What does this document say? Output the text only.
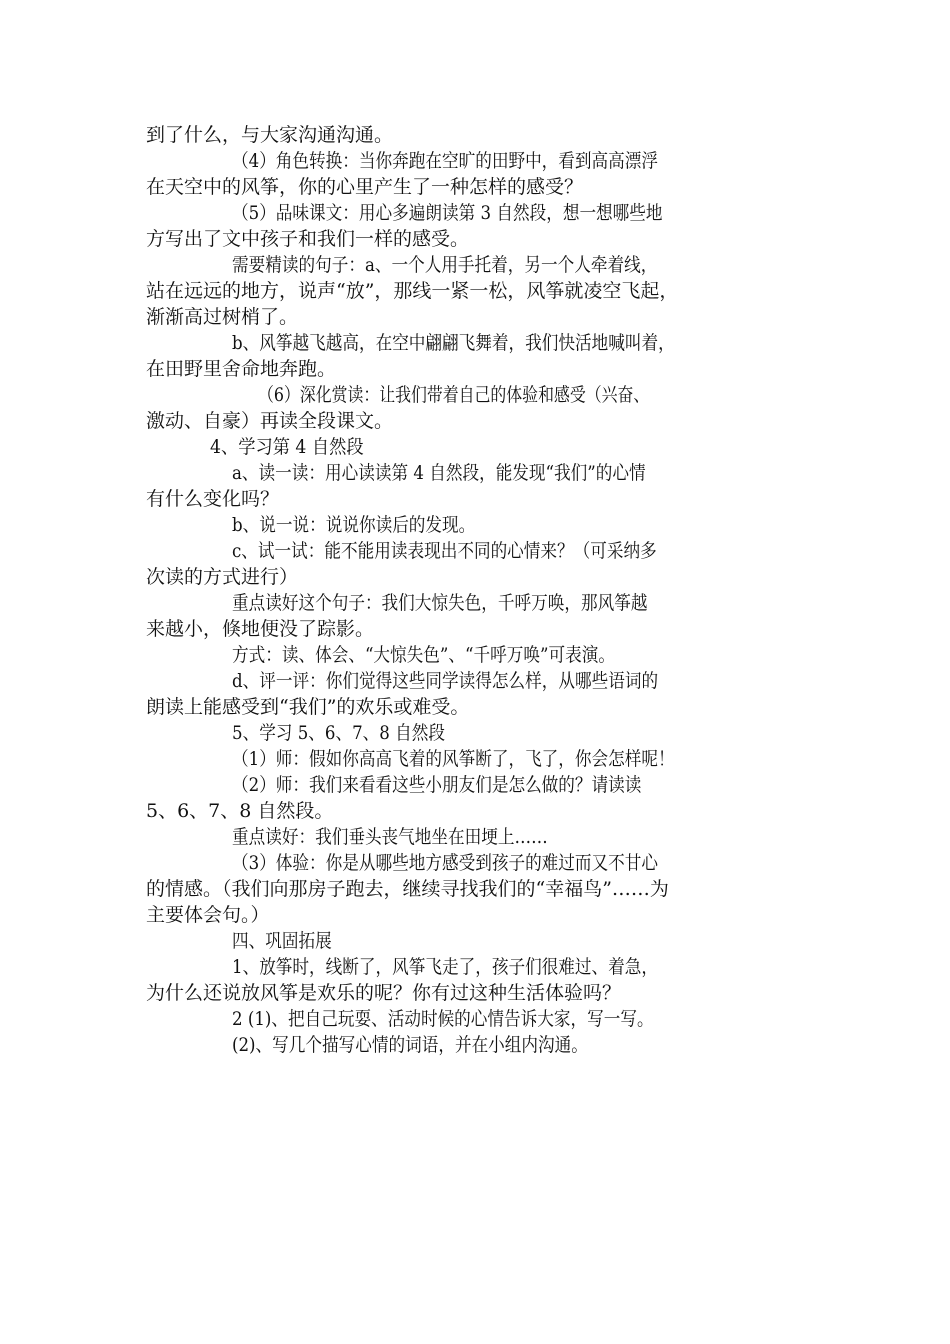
到了什么，与大家沟通沟通。
（4）角色转换：当你奔跑在空旷的田野中，看到高高漂浮
在天空中的风筝，你的心里产生了一种怎样的感受？
（5）品味课文：用心多遍朗读第 3 自然段，想一想哪些地
方写出了文中孩子和我们一样的感受。
需要精读的句子：a、一个人用手托着，另一个人牵着线，
站在远远的地方，说声“放”，那线一紧一松，风筝就凌空飞起，
渐渐高过树梢了。
b、风筝越飞越高，在空中翩翩飞舞着，我们快活地喊叫着，
在田野里舍命地奔跑。
（6）深化赏读：让我们带着自己的体验和感受（兴奋、
激动、自豪）再读全段课文。
4、学习第 4 自然段
a、读一读：用心读读第 4 自然段，能发现“我们”的心情
有什么变化吗？
b、说一说：说说你读后的发现。
c、试一试：能不能用读表现出不同的心情来？（可采纳多
次读的方式进行）
重点读好这个句子：我们大惊失色，千呼万唤，那风筝越
来越小，倏地便没了踪影。
方式：读、体会、“大惊失色”、“千呼万唤”可表演。
d、评一评：你们觉得这些同学读得怎么样，从哪些语词的
朗读上能感受到“我们”的欢乐或难受。
5、学习 5、6、7、8 自然段
（1）师：假如你高高飞着的风筝断了，飞了，你会怎样呢！
（2）师：我们来看看这些小朋友们是怎么做的？请读读
5、6、7、8 自然段。
重点读好：我们垂头丧气地坐在田埂上……
（3）体验：你是从哪些地方感受到孩子的难过而又不甘心
的情感。（我们向那房子跑去，继续寻找我们的“幸福鸟”……为
主要体会句。）
四、巩固拓展
1、放筝时，线断了，风筝飞走了，孩子们很难过、着急，
为什么还说放风筝是欢乐的呢？你有过这种生活体验吗？
2 (1)、把自己玩耍、活动时候的心情告诉大家，写一写。
(2)、写几个描写心情的词语，并在小组内沟通。
